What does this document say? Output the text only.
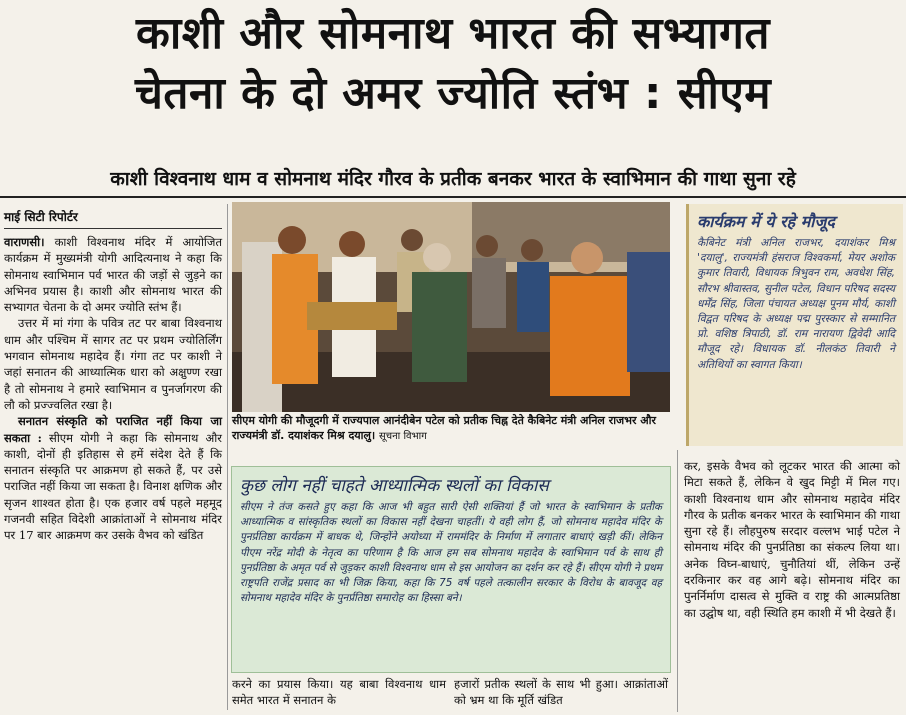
काशी और सोमनाथ भारत की सभ्यागत
चेतना के दो अमर ज्योति स्तंभ : सीएम
काशी विश्वनाथ धाम व सोमनाथ मंदिर गौरव के प्रतीक बनकर भारत के स्वाभिमान की गाथा सुना रहे
माई सिटी रिपोर्टर

वाराणसी। काशी विश्वनाथ मंदिर में आयोजित कार्यक्रम में मुख्यमंत्री योगी आदित्यनाथ ने कहा कि सोमनाथ स्वाभिमान पर्व भारत की जड़ों से जुड़ने का अभिनव प्रयास है। काशी और सोमनाथ भारत की सभ्यागत चेतना के दो अमर ज्योति स्तंभ हैं।

उत्तर में मां गंगा के पवित्र तट पर बाबा विश्वनाथ धाम और पश्चिम में सागर तट पर प्रथम ज्योतिर्लिंग भगवान सोमनाथ महादेव हैं। गंगा तट पर काशी ने जहां सनातन की आध्यात्मिक धारा को अक्षुण्ण रखा है तो सोमनाथ ने हमारे स्वाभिमान व पुनर्जागरण की लौ को प्रज्ज्वलित रखा है।

सनातन संस्कृति को पराजित नहीं किया जा सकता : सीएम योगी ने कहा कि सोमनाथ और काशी, दोनों ही इतिहास से हमें संदेश देते हैं कि सनातन संस्कृति पर आक्रमण हो सकते हैं, पर उसे पराजित नहीं किया जा सकता है। विनाश क्षणिक और सृजन शाश्वत होता है। एक हजार वर्ष पहले महमूद गजनवी सहित विदेशी आक्रांताओं ने सोमनाथ मंदिर पर 17 बार आक्रमण कर उसके वैभव को खंडित

सीएम योगी की मौजूदगी में राज्यपाल आनंदीबेन पटेल को प्रतीक चिह्न देते कैबिनेट मंत्री अनिल राजभर और राज्यमंत्री डॉ. दयाशंकर मिश्र दयालु। सूचना विभाग
कार्यक्रम में ये रहे मौजूद
कैबिनेट मंत्री अनिल राजभर, दयाशंकर मिश्र 'दयालु', राज्यमंत्री हंसराज विश्वकर्मा, मेयर अशोक कुमार तिवारी, विधायक त्रिभुवन राम, अवधेश सिंह, सौरभ श्रीवास्तव, सुनील पटेल, विधान परिषद सदस्य धर्मेंद्र सिंह, जिला पंचायत अध्यक्ष पूनम मौर्य, काशी विद्वत परिषद के अध्यक्ष पद्म पुरस्कार से सम्मानित प्रो. वशिष्ठ त्रिपाठी, डॉ. राम नारायण द्विवेदी आदि मौजूद रहे। विधायक डॉ. नीलकंठ तिवारी ने अतिथियों का स्वागत किया।
कुछ लोग नहीं चाहते आध्यात्मिक स्थलों का विकास
सीएम ने तंज कसते हुए कहा कि आज भी बहुत सारी ऐसी शक्तियां हैं जो भारत के स्वाभिमान के प्रतीक आध्यात्मिक व सांस्कृतिक स्थलों का विकास नहीं देखना चाहतीं। ये वही लोग हैं, जो सोमनाथ महादेव मंदिर के पुनर्प्रतिष्ठा कार्यक्रम में बाधक थे, जिन्होंने अयोध्या में राममंदिर के निर्माण में लगातार बाधाएं खड़ी कीं। लेकिन पीएम नरेंद्र मोदी के नेतृत्व का परिणाम है कि आज हम सब सोमनाथ महादेव के स्वाभिमान पर्व के साथ ही पुनर्प्रतिष्ठा के अमृत पर्व से जुड़कर काशी विश्वनाथ धाम से इस आयोजन का दर्शन कर रहे हैं। सीएम योगी ने प्रथम राष्ट्रपति राजेंद्र प्रसाद का भी जिक्र किया, कहा कि 75 वर्ष पहले तत्कालीन सरकार के विरोध के बावजूद वह सोमनाथ महादेव मंदिर के पुनर्प्रतिष्ठा समारोह का हिस्सा बने।
करने का प्रयास किया। यह बाबा विश्वनाथ धाम समेत भारत में सनातन के
हजारों प्रतीक स्थलों के साथ भी हुआ। आक्रांताओं को भ्रम था कि मूर्ति खंडित
कर, इसके वैभव को लूटकर भारत की आत्मा को मिटा सकते हैं, लेकिन वे खुद मिट्टी में मिल गए। काशी विश्वनाथ धाम और सोमनाथ महादेव मंदिर गौरव के प्रतीक बनकर भारत के स्वाभिमान की गाथा सुना रहे हैं। लौहपुरुष सरदार वल्लभ भाई पटेल ने सोमनाथ मंदिर की पुनर्प्रतिष्ठा का संकल्प लिया था। अनेक विघ्न-बाधाएं, चुनौतियां थीं, लेकिन उन्हें दरकिनार कर वह आगे बढ़े। सोमनाथ मंदिर का पुनर्निर्माण दासत्व से मुक्ति व राष्ट्र की आत्मप्रतिष्ठा का उद्घोष था, वही स्थिति हम काशी में भी देखते हैं।
